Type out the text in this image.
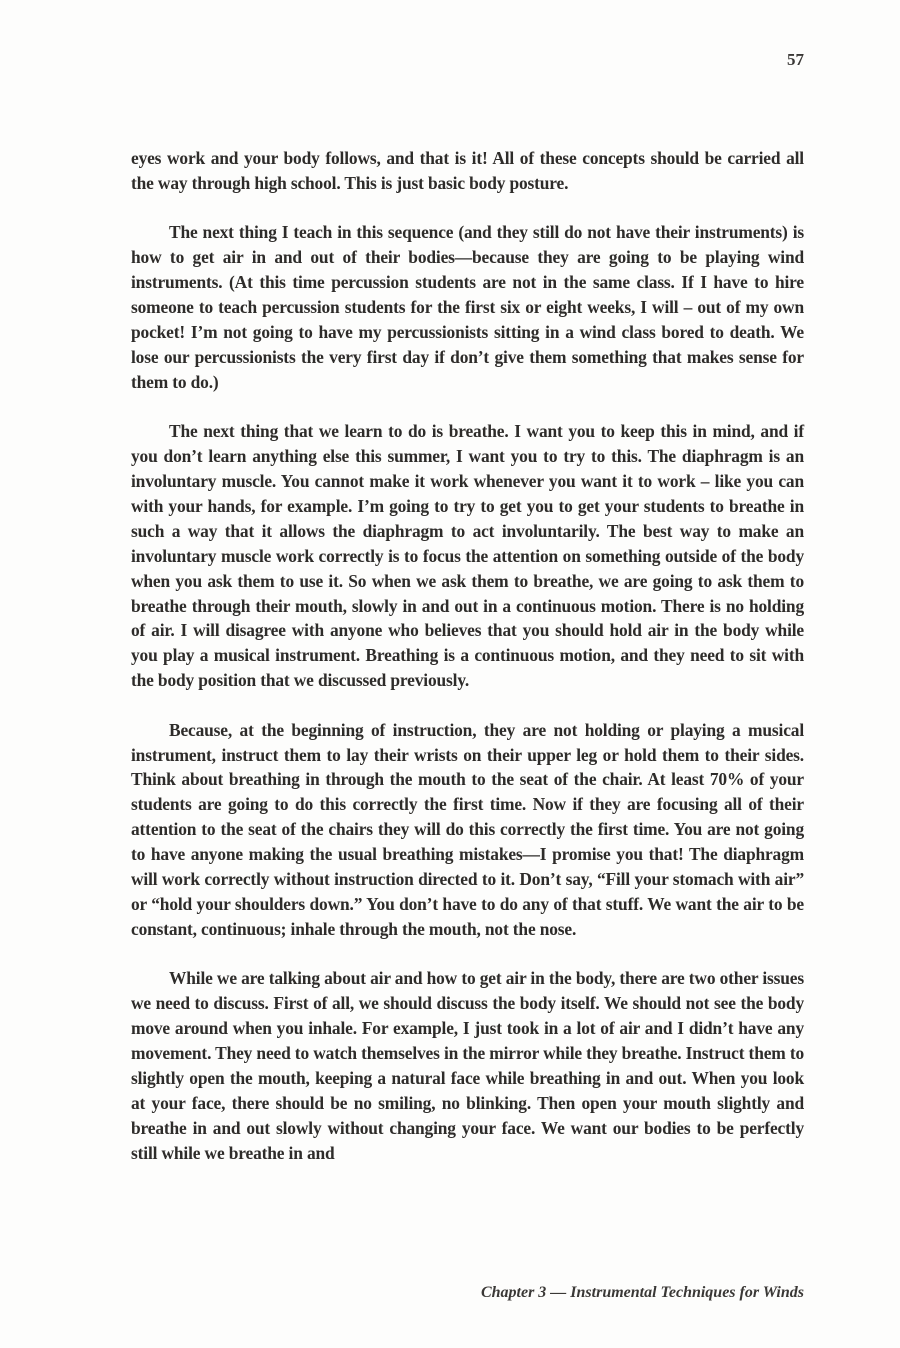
57

eyes work and your body follows, and that is it! All of these concepts should be carried all the way through high school. This is just basic body posture.

The next thing I teach in this sequence (and they still do not have their instruments) is how to get air in and out of their bodies—because they are going to be playing wind instruments. (At this time percussion students are not in the same class. If I have to hire someone to teach percussion students for the first six or eight weeks, I will – out of my own pocket! I’m not going to have my percussionists sitting in a wind class bored to death. We lose our percussionists the very first day if don’t give them something that makes sense for them to do.)

The next thing that we learn to do is breathe. I want you to keep this in mind, and if you don’t learn anything else this summer, I want you to try to this. The diaphragm is an involuntary muscle. You cannot make it work whenever you want it to work – like you can with your hands, for example. I’m going to try to get you to get your students to breathe in such a way that it allows the diaphragm to act involuntarily. The best way to make an involuntary muscle work correctly is to focus the attention on something outside of the body when you ask them to use it. So when we ask them to breathe, we are going to ask them to breathe through their mouth, slowly in and out in a continuous motion. There is no holding of air. I will disagree with anyone who believes that you should hold air in the body while you play a musical instrument. Breathing is a continuous motion, and they need to sit with the body position that we discussed previously.

Because, at the beginning of instruction, they are not holding or playing a musical instrument, instruct them to lay their wrists on their upper leg or hold them to their sides. Think about breathing in through the mouth to the seat of the chair. At least 70% of your students are going to do this correctly the first time. Now if they are focusing all of their attention to the seat of the chairs they will do this correctly the first time. You are not going to have anyone making the usual breathing mistakes—I promise you that! The diaphragm will work correctly without instruction directed to it. Don’t say, “Fill your stomach with air” or “hold your shoulders down.” You don’t have to do any of that stuff. We want the air to be constant, continuous; inhale through the mouth, not the nose.

While we are talking about air and how to get air in the body, there are two other issues we need to discuss. First of all, we should discuss the body itself. We should not see the body move around when you inhale. For example, I just took in a lot of air and I didn’t have any movement. They need to watch themselves in the mirror while they breathe. Instruct them to slightly open the mouth, keeping a natural face while breathing in and out. When you look at your face, there should be no smiling, no blinking. Then open your mouth slightly and breathe in and out slowly without changing your face. We want our bodies to be perfectly still while we breathe in and

Chapter 3 — Instrumental Techniques for Winds
